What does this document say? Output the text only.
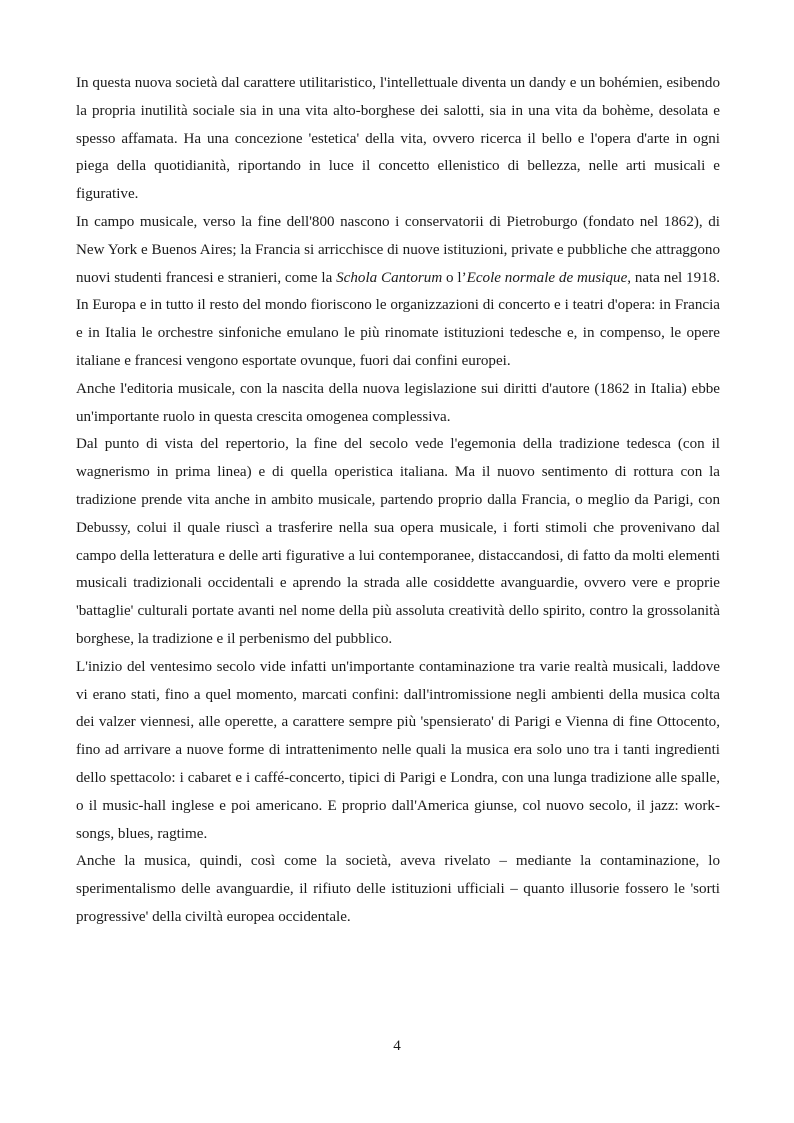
In questa nuova società dal carattere utilitaristico, l'intellettuale diventa un dandy e un bohémien, esibendo la propria inutilità sociale sia in una vita alto-borghese dei salotti, sia in una vita da bohème, desolata e spesso affamata. Ha una concezione 'estetica' della vita, ovvero ricerca il bello e l'opera d'arte in ogni piega della quotidianità, riportando in luce il concetto ellenistico di bellezza, nelle arti musicali e figurative.

In campo musicale, verso la fine dell'800 nascono i conservatorii di Pietroburgo (fondato nel 1862), di New York e Buenos Aires; la Francia si arricchisce di nuove istituzioni, private e pubbliche che attraggono nuovi studenti francesi e stranieri, come la Schola Cantorum o l’Ecole normale de musique, nata nel 1918. In Europa e in tutto il resto del mondo fioriscono le organizzazioni di concerto e i teatri d'opera: in Francia e in Italia le orchestre sinfoniche emulano le più rinomate istituzioni tedesche e, in compenso, le opere italiane e francesi vengono esportate ovunque, fuori dai confini europei.

Anche l'editoria musicale, con la nascita della nuova legislazione sui diritti d'autore (1862 in Italia) ebbe un'importante ruolo in questa crescita omogenea complessiva.

Dal punto di vista del repertorio, la fine del secolo vede l'egemonia della tradizione tedesca (con il wagnerismo in prima linea) e di quella operistica italiana. Ma il nuovo sentimento di rottura con la tradizione prende vita anche in ambito musicale, partendo proprio dalla Francia, o meglio da Parigi, con Debussy, colui il quale riuscì a trasferire nella sua opera musicale, i forti stimoli che provenivano dal campo della letteratura e delle arti figurative a lui contemporanee, distaccandosi, di fatto da molti elementi musicali tradizionali occidentali e aprendo la strada alle cosiddette avanguardie, ovvero vere e proprie 'battaglie' culturali portate avanti nel nome della più assoluta creatività dello spirito, contro la grossolanità borghese, la tradizione e il perbenismo del pubblico.

L'inizio del ventesimo secolo vide infatti un'importante contaminazione tra varie realtà musicali, laddove vi erano stati, fino a quel momento, marcati confini: dall'intromissione negli ambienti della musica colta dei valzer viennesi, alle operette, a carattere sempre più 'spensierato' di Parigi e Vienna di fine Ottocento, fino ad arrivare a nuove forme di intrattenimento nelle quali la musica era solo uno tra i tanti ingredienti dello spettacolo: i cabaret e i caffé-concerto, tipici di Parigi e Londra, con una lunga tradizione alle spalle, o il music-hall inglese e poi americano. E proprio dall'America giunse, col nuovo secolo, il jazz: work-songs, blues, ragtime.

Anche la musica, quindi, così come la società, aveva rivelato – mediante la contaminazione, lo sperimentalismo delle avanguardie, il rifiuto delle istituzioni ufficiali – quanto illusorie fossero le 'sorti progressive' della civiltà europea occidentale.

4
